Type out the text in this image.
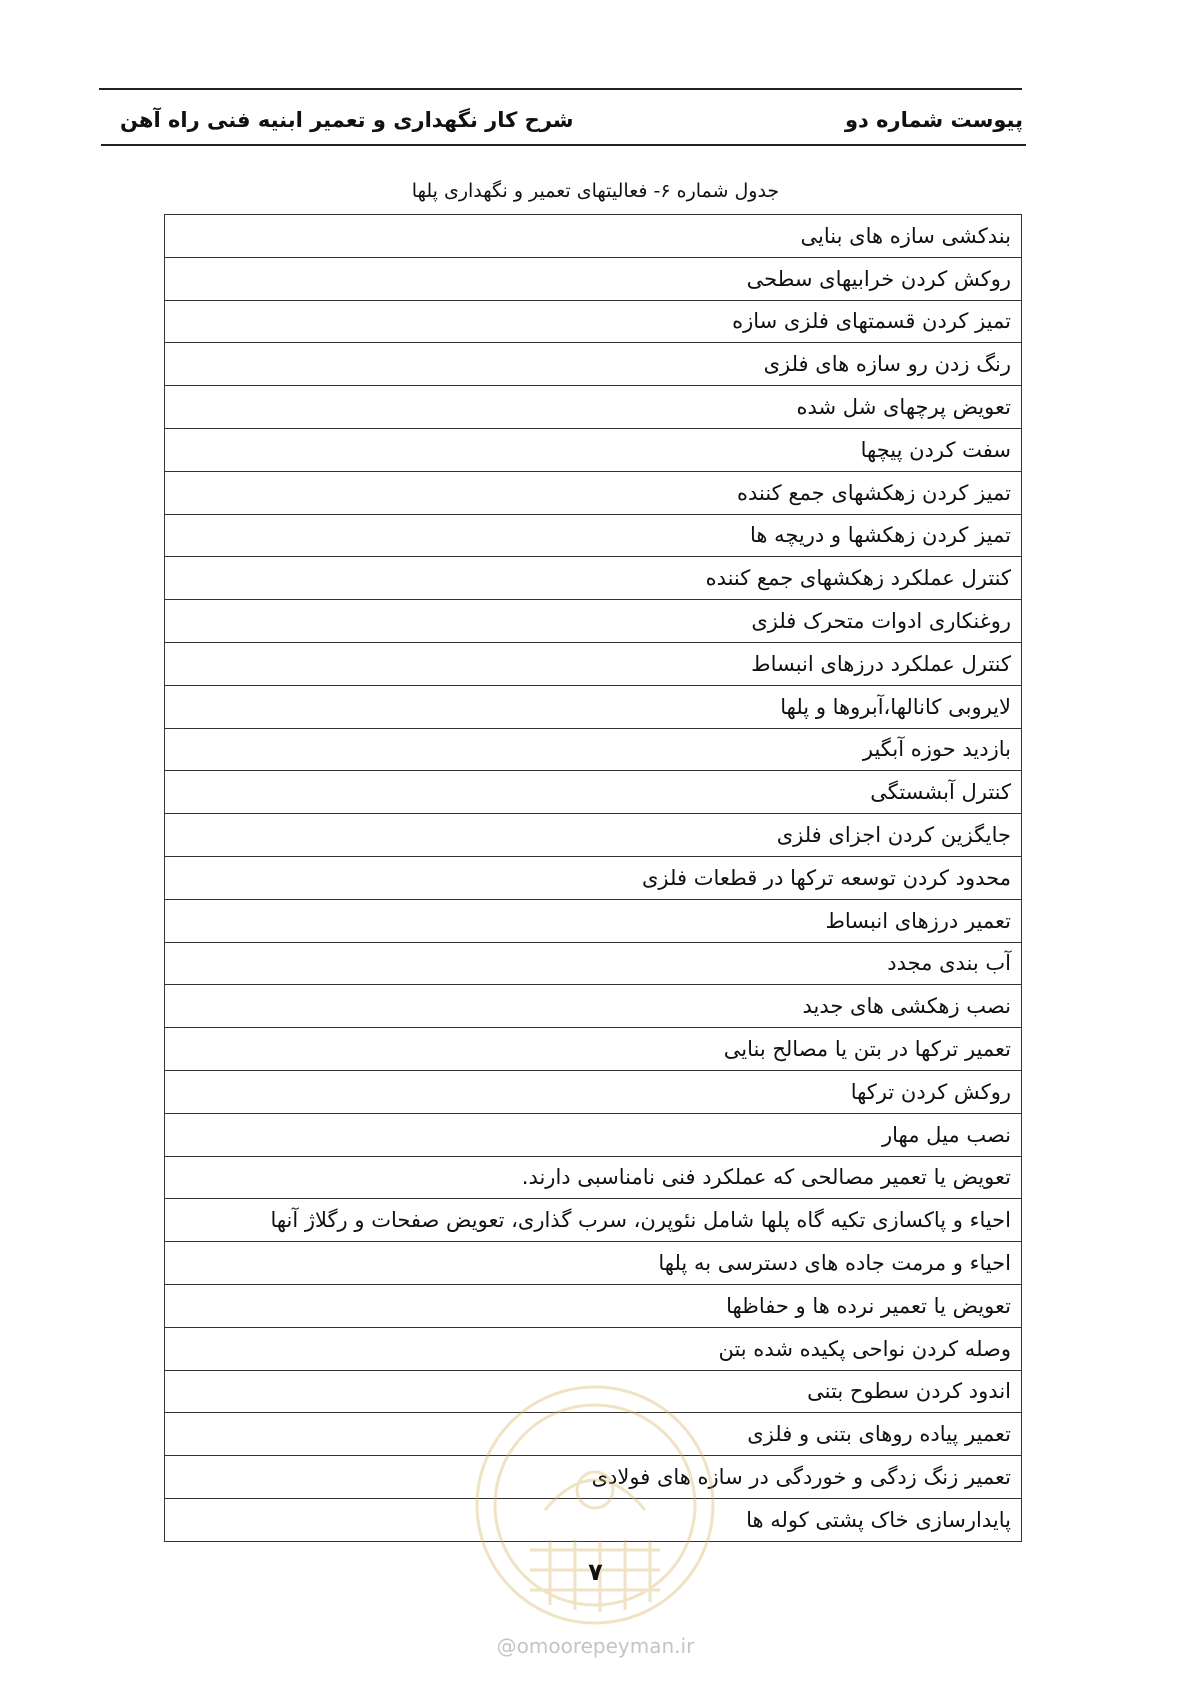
پیوست شماره دو
شرح کار نگهداری و تعمیر ابنیه فنی راه آهن
جدول شماره ۶- فعالیتهای تعمیر و نگهداری پلها
بندکشی سازه های بنایی
روکش کردن خرابیهای سطحی
تمیز کردن قسمتهای فلزی سازه
رنگ زدن رو سازه های فلزی
تعویض پرچهای شل شده
سفت کردن پیچها
تمیز کردن زهکشهای جمع کننده
تمیز کردن زهکشها و دریچه ها
کنترل عملکرد زهکشهای جمع کننده
روغنکاری ادوات متحرک فلزی
کنترل عملکرد درزهای انبساط
لایروبی کانالها،آبروها و پلها
بازدید حوزه آبگیر
کنترل آبشستگی
جایگزین کردن اجزای فلزی
محدود کردن توسعه ترکها در قطعات فلزی
تعمیر درزهای انبساط
آب بندی مجدد
نصب زهکشی های جدید
تعمیر ترکها در بتن یا مصالح بنایی
روکش کردن ترکها
نصب میل مهار
تعویض یا تعمیر مصالحی که عملکرد فنی نامناسبی دارند.
احیاء و پاکسازی تکیه گاه پلها شامل نئوپرن، سرب گذاری، تعویض صفحات و رگلاژ آنها
احیاء و مرمت جاده های دسترسی به پلها
تعویض یا تعمیر نرده ها و حفاظها
وصله کردن نواحی پکیده شده بتن
اندود کردن سطوح بتنی
تعمیر پیاده روهای بتنی و فلزی
تعمیر زنگ زدگی و خوردگی در سازه های فولادی
پایدارسازی خاک پشتی کوله ها
۷
@omoorepeyman.ir
